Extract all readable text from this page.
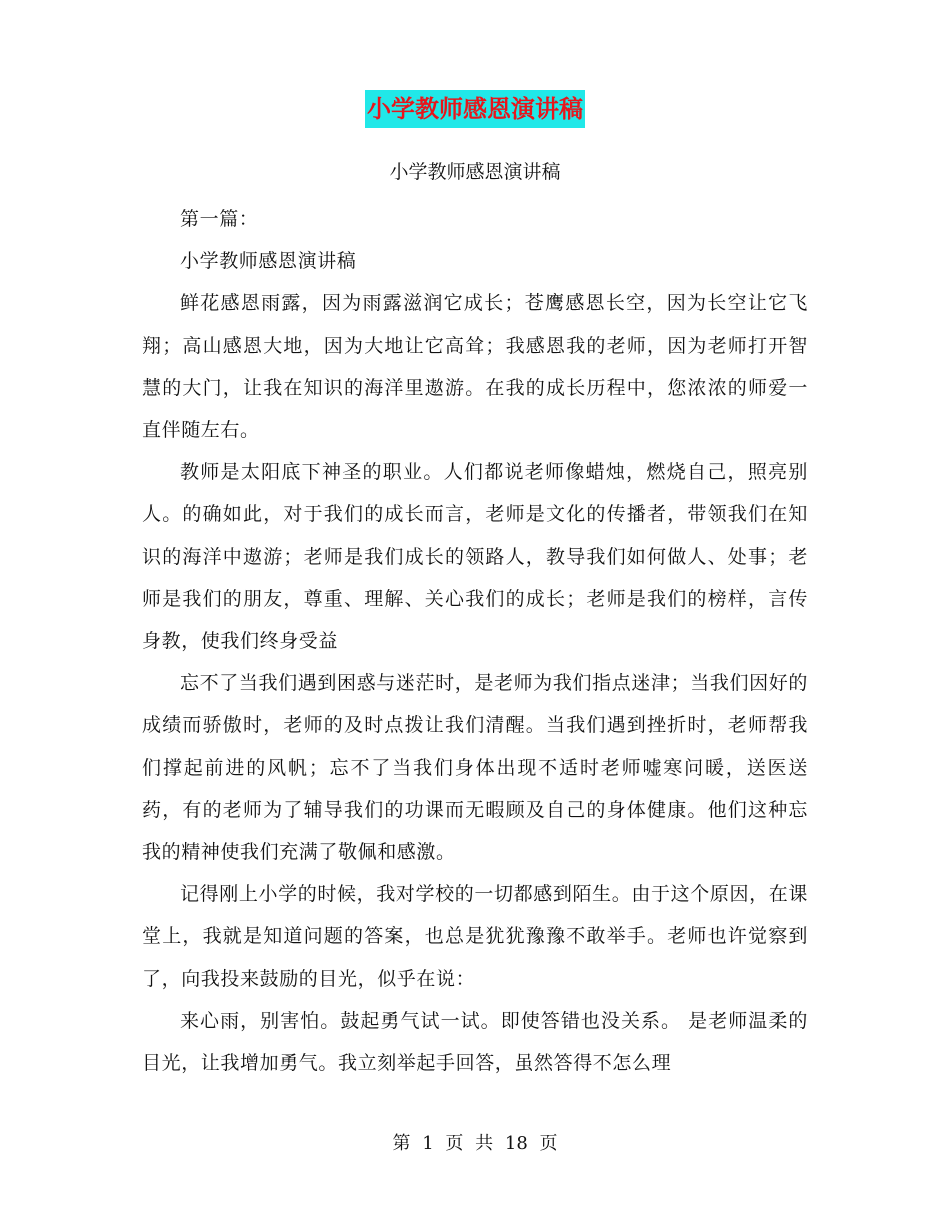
小学教师感恩演讲稿
小学教师感恩演讲稿

第一篇：

小学教师感恩演讲稿

鲜花感恩雨露，因为雨露滋润它成长；苍鹰感恩长空，因为长空让它飞翔；高山感恩大地，因为大地让它高耸；我感恩我的老师，因为老师打开智慧的大门，让我在知识的海洋里遨游。在我的成长历程中，您浓浓的师爱一直伴随左右。

教师是太阳底下神圣的职业。人们都说老师像蜡烛，燃烧自己，照亮别人。的确如此，对于我们的成长而言，老师是文化的传播者，带领我们在知识的海洋中遨游；老师是我们成长的领路人，教导我们如何做人、处事；老师是我们的朋友，尊重、理解、关心我们的成长；老师是我们的榜样，言传身教，使我们终身受益

忘不了当我们遇到困惑与迷茫时，是老师为我们指点迷津；当我们因好的成绩而骄傲时，老师的及时点拨让我们清醒。当我们遇到挫折时，老师帮我们撑起前进的风帆；忘不了当我们身体出现不适时老师嘘寒问暖，送医送药，有的老师为了辅导我们的功课而无暇顾及自己的身体健康。他们这种忘我的精神使我们充满了敬佩和感激。

记得刚上小学的时候，我对学校的一切都感到陌生。由于这个原因，在课堂上，我就是知道问题的答案，也总是犹犹豫豫不敢举手。老师也许觉察到了，向我投来鼓励的目光，似乎在说：

来心雨，别害怕。鼓起勇气试一试。即使答错也没关系。 是老师温柔的目光，让我增加勇气。我立刻举起手回答，虽然答得不怎么理

第 1 页 共 18 页
